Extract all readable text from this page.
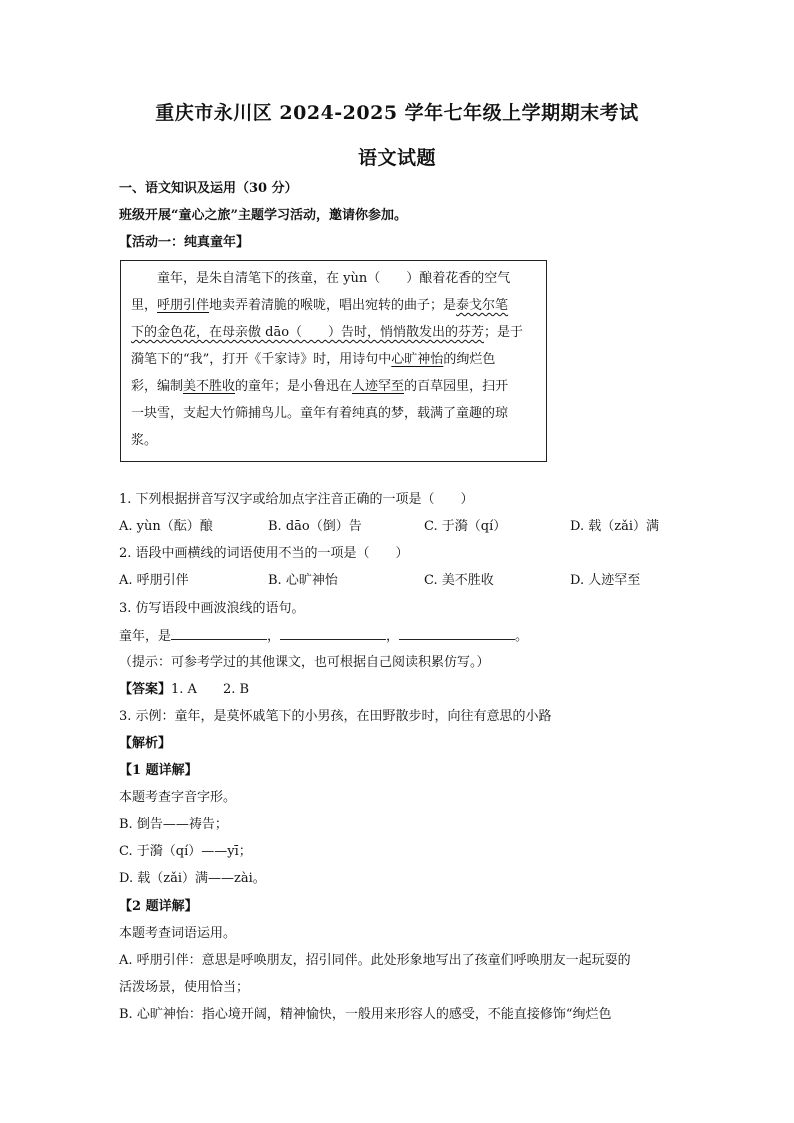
重庆市永川区 2024-2025 学年七年级上学期期末考试
语文试题
一、语文知识及运用（30 分）
班级开展“童心之旅”主题学习活动，邀请你参加。
【活动一：纯真童年】
童年，是朱自清笔下的孩童，在 yùn（　　）酿着花香的空气
里，呼朋引伴地卖弄着清脆的喉咙，唱出宛转的曲子；是泰戈尔笔
下的金色花，在母亲傲 dāo（　　）告时，悄悄散发出的芬芳；是于
漪笔下的“我”，打开《千家诗》时，用诗句中心旷神怡的绚烂色
彩，编制美不胜收的童年；是小鲁迅在人迹罕至的百草园里，扫开
一块雪，支起大竹筛捕鸟儿。童年有着纯真的梦，载满了童趣的琼
浆。
1. 下列根据拼音写汉字或给加点字注音正确的一项是（　　）
A. yùn（酝）酿	B. dāo（倒）告	C. 于漪（qí）	D. 载（zǎi）满
2. 语段中画横线的词语使用不当的一项是（　　）
A. 呼朋引伴	B. 心旷神怡	C. 美不胜收	D. 人迹罕至
3. 仿写语段中画波浪线的语句。
童年，是	，	，	。
（提示：可参考学过的其他课文，也可根据自己阅读积累仿写。）
【答案】1. A　　2. B
3. 示例：童年，是莫怀戚笔下的小男孩，在田野散步时，向往有意思的小路
【解析】
【1 题详解】
本题考查字音字形。
B. 倒告——祷告；
C. 于漪（qí）——yī；
D. 载（zǎi）满——zài。
【2 题详解】
本题考查词语运用。
A. 呼朋引伴：意思是呼唤朋友，招引同伴。此处形象地写出了孩童们呼唤朋友一起玩耍的
活泼场景，使用恰当；
B. 心旷神怡：指心境开阔，精神愉快，一般用来形容人的感受，不能直接修饰“绚烂色
